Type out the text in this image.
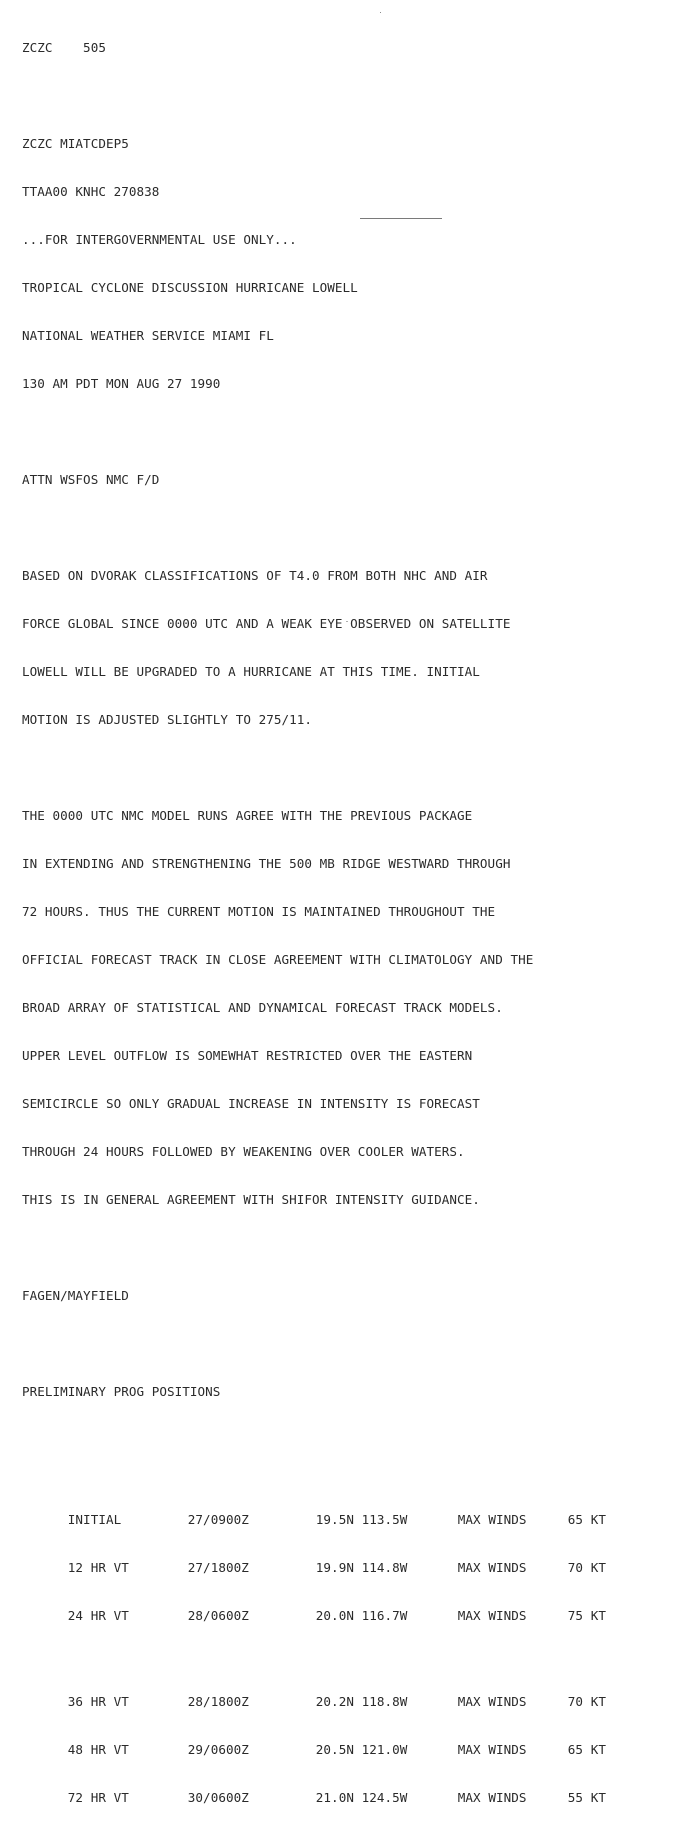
ZCZC    505

ZCZC MIATCDEP5

TTAA00 KNHC 270838

...FOR INTERGOVERNMENTAL USE ONLY...

TROPICAL CYCLONE DISCUSSION HURRICANE LOWELL

NATIONAL WEATHER SERVICE MIAMI FL

130 AM PDT MON AUG 27 1990

ATTN WSFOS NMC F/D

BASED ON DVORAK CLASSIFICATIONS OF T4.0 FROM BOTH NHC AND AIR

FORCE GLOBAL SINCE 0000 UTC AND A WEAK EYE OBSERVED ON SATELLITE

LOWELL WILL BE UPGRADED TO A HURRICANE AT THIS TIME. INITIAL

MOTION IS ADJUSTED SLIGHTLY TO 275/11.

THE 0000 UTC NMC MODEL RUNS AGREE WITH THE PREVIOUS PACKAGE

IN EXTENDING AND STRENGTHENING THE 500 MB RIDGE WESTWARD THROUGH

72 HOURS. THUS THE CURRENT MOTION IS MAINTAINED THROUGHOUT THE

OFFICIAL FORECAST TRACK IN CLOSE AGREEMENT WITH CLIMATOLOGY AND THE

BROAD ARRAY OF STATISTICAL AND DYNAMICAL FORECAST TRACK MODELS.

UPPER LEVEL OUTFLOW IS SOMEWHAT RESTRICTED OVER THE EASTERN

SEMICIRCLE SO ONLY GRADUAL INCREASE IN INTENSITY IS FORECAST

THROUGH 24 HOURS FOLLOWED BY WEAKENING OVER COOLER WATERS.

THIS IS IN GENERAL AGREEMENT WITH SHIFOR INTENSITY GUIDANCE.

FAGEN/MAYFIELD

PRELIMINARY PROG POSITIONS

INITIAL	27/0900Z	19.5N 113.5W	MAX WINDS	65 KT

12 HR VT	27/1800Z	19.9N 114.8W	MAX WINDS	70 KT

24 HR VT	28/0600Z	20.0N 116.7W	MAX WINDS	75 KT

36 HR VT	28/1800Z	20.2N 118.8W	MAX WINDS	70 KT

48 HR VT	29/0600Z	20.5N 121.0W	MAX WINDS	65 KT

72 HR VT	30/0600Z	21.0N 124.5W	MAX WINDS	55 KT
